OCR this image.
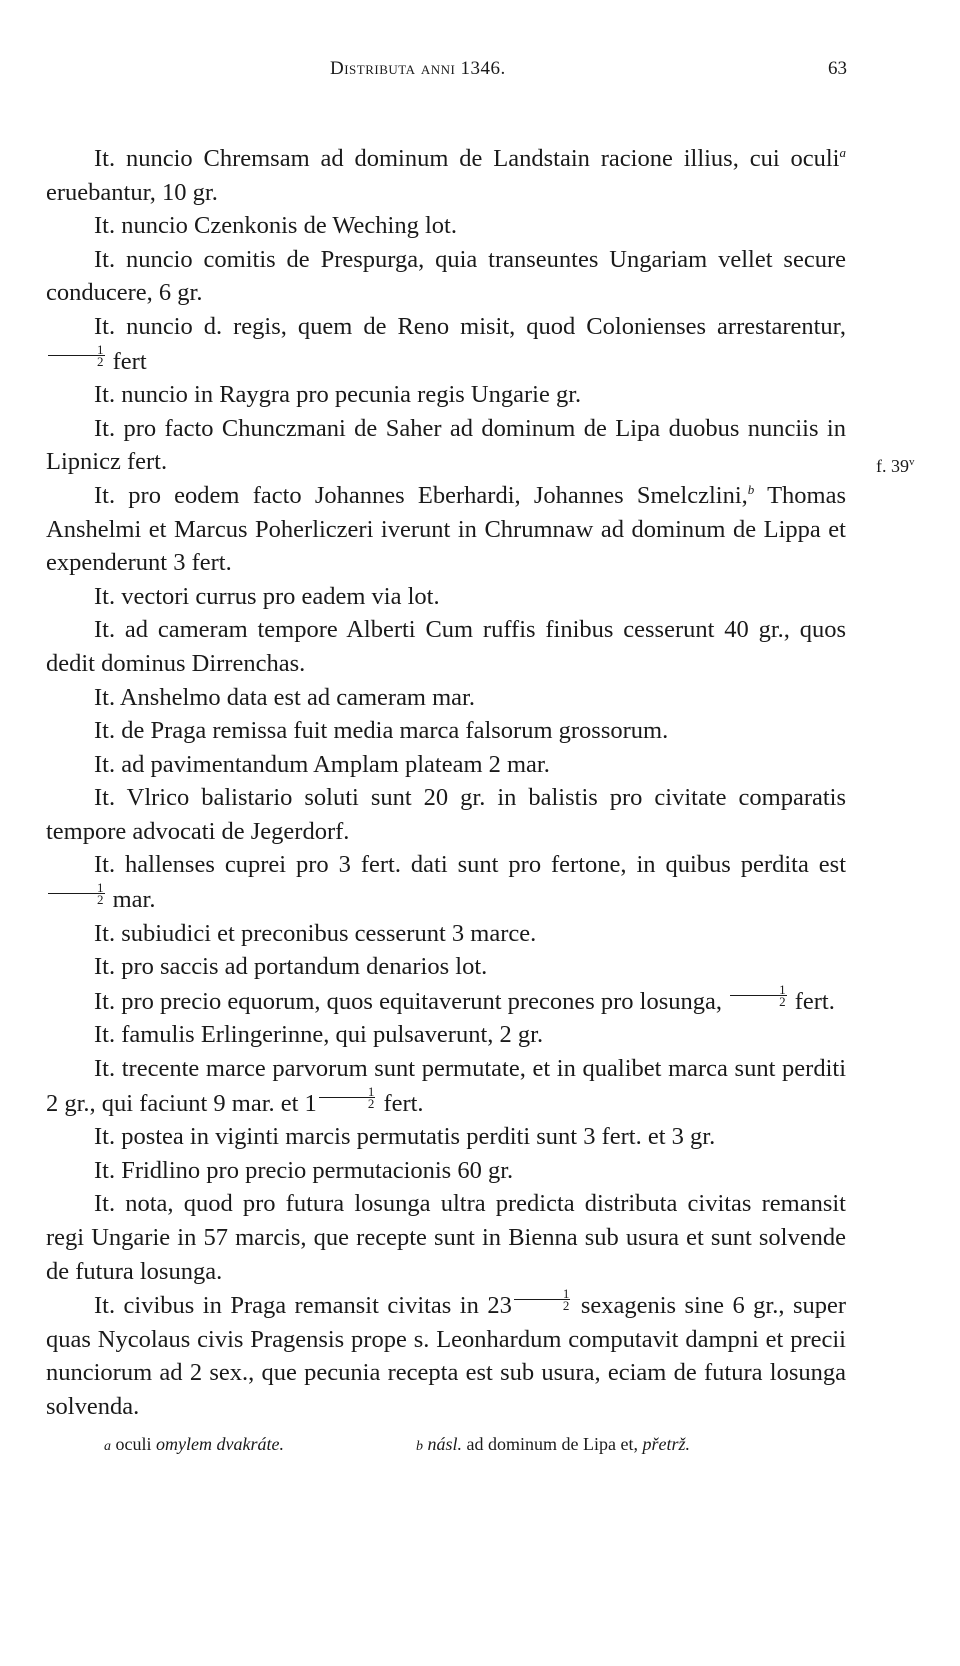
Distributa anni 1346.	63
f. 39$^v$

It. nuncio Chremsam ad dominum de Landstain racione illius, cui oculi$^a$ eruebantur, 10 gr.

It. nuncio Czenkonis de Weching lot.

It. nuncio comitis de Prespurga, quia transeuntes Ungariam vellet secure conducere, 6 gr.

It. nuncio d. regis, quem de Reno misit, quod Colonienses arrestarentur,
$\frac{1}{2}$ fert

It. nuncio in Raygra pro pecunia regis Ungarie gr.

It. pro facto Chunczmani de Saher ad dominum de Lipa duobus nunciis in Lipnicz fert.

It. pro eodem facto Johannes Eberhardi, Johannes Smelczlini,$^b$ Thomas Anshelmi et Marcus Poherliczeri iverunt in Chrumnaw ad dominum de Lippa et expenderunt 3 fert.

It. vectori currus pro eadem via lot.

It. ad cameram tempore Alberti Cum ruffis finibus cesserunt 40 gr., quos dedit dominus Dirrenchas.

It. Anshelmo data est ad cameram mar.

It. de Praga remissa fuit media marca falsorum grossorum.

It. ad pavimentandum Amplam plateam 2 mar.

It. Vlrico balistario soluti sunt 20 gr. in balistis pro civitate comparatis tempore advocati de Jegerdorf.

It. hallenses cuprei pro 3 fert. dati sunt pro fertone, in quibus perdita est
$\frac{1}{2}$ mar.

It. subiudici et preconibus cesserunt 3 marce.

It. pro saccis ad portandum denarios lot.

It. pro precio equorum, quos equitaverunt precones pro losunga, $\frac{1}{2}$ fert.

It. famulis Erlingerinne, qui pulsaverunt, 2 gr.

It. trecente marce parvorum sunt permutate, et in qualibet marca sunt perditi 2 gr., qui faciunt 9 mar. et $1 \frac{1}{2}$ fert.

It. postea in viginti marcis permutatis perditi sunt 3 fert. et 3 gr.

It. Fridlino pro precio permutacionis 60 gr.

It. nota, quod pro futura losunga ultra predicta distributa civitas remansit regi Ungarie in 57 marcis, que recepte sunt in Bienna sub usura et sunt solvende de futura losunga.

It. civibus in Praga remansit civitas in $23 \frac{1}{2}$ sexagenis sine 6 gr., super quas Nycolaus civis Pragensis prope s. Leonhardum computavit dampni et precii nunciorum ad 2 sex., que pecunia recepta est sub usura, eciam de futura losunga solvenda.

a oculi omylem dvakráte.	b násl. ad dominum de Lipa et, přetrž.
